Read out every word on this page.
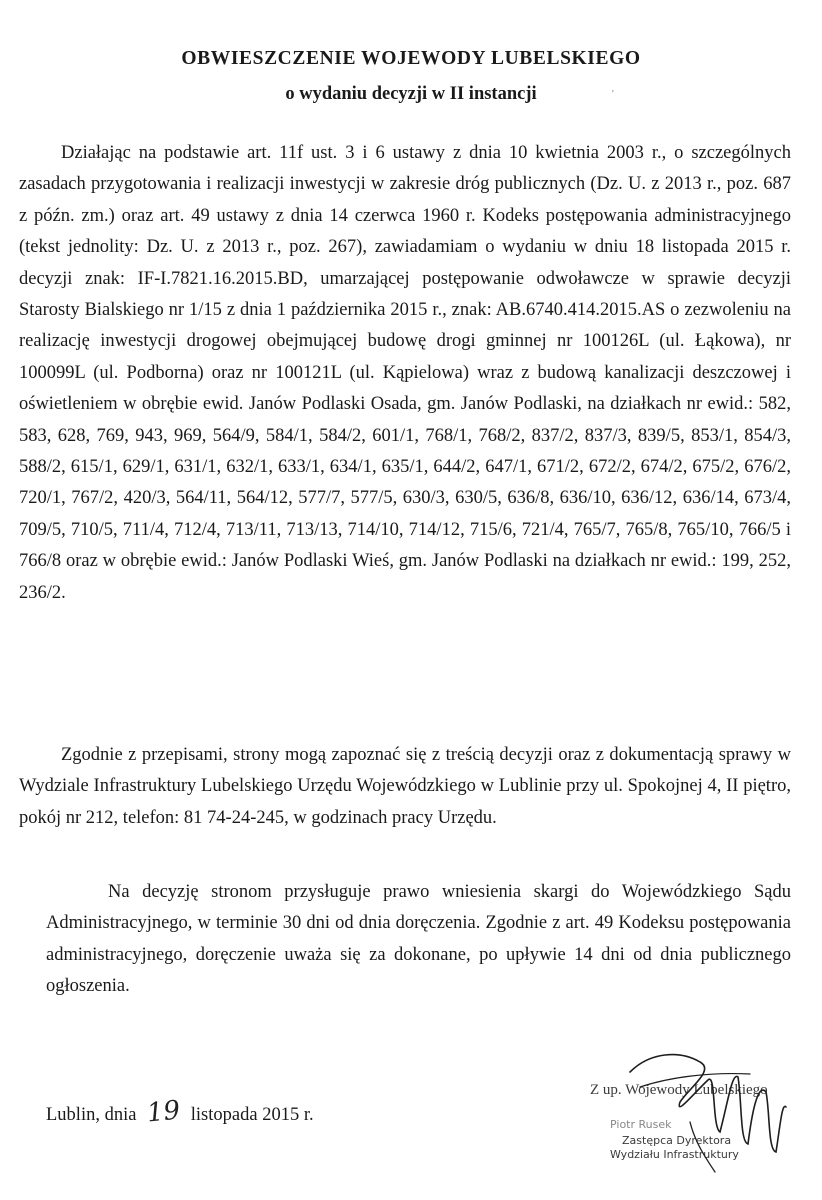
OBWIESZCZENIE WOJEWODY LUBELSKIEGO
o wydaniu decyzji w II instancji	'

Działając na podstawie art. 11f ust. 3 i 6 ustawy z dnia 10 kwietnia 2003 r., o szczególnych zasadach przygotowania i realizacji inwestycji w zakresie dróg publicznych (Dz. U. z 2013 r., poz. 687 z późn. zm.) oraz art. 49 ustawy z dnia 14 czerwca 1960 r. Kodeks postępowania administracyjnego (tekst jednolity: Dz. U. z 2013 r., poz. 267), zawiadamiam o wydaniu w dniu 18 listopada 2015 r. decyzji znak: IF-I.7821.16.2015.BD, umarzającej postępowanie odwoławcze w sprawie decyzji Starosty Bialskiego nr 1/15 z dnia 1 października 2015 r., znak: AB.6740.414.2015.AS o zezwoleniu na realizację inwestycji drogowej obejmującej budowę drogi gminnej nr 100126L (ul. Łąkowa), nr 100099L (ul. Podborna) oraz nr 100121L (ul. Kąpielowa) wraz z budową kanalizacji deszczowej i oświetleniem w obrębie ewid. Janów Podlaski Osada, gm. Janów Podlaski, na działkach nr ewid.: 582, 583, 628, 769, 943, 969, 564/9, 584/1, 584/2, 601/1, 768/1, 768/2, 837/2, 837/3, 839/5, 853/1, 854/3, 588/2, 615/1, 629/1, 631/1, 632/1, 633/1, 634/1, 635/1, 644/2, 647/1, 671/2, 672/2, 674/2, 675/2, 676/2, 720/1, 767/2, 420/3, 564/11, 564/12, 577/7, 577/5, 630/3, 630/5, 636/8, 636/10, 636/12, 636/14, 673/4, 709/5, 710/5, 711/4, 712/4, 713/11, 713/13, 714/10, 714/12, 715/6, 721/4, 765/7, 765/8, 765/10, 766/5 i 766/8 oraz w obrębie ewid.: Janów Podlaski Wieś, gm. Janów Podlaski na działkach nr ewid.: 199, 252, 236/2.

Zgodnie z przepisami, strony mogą zapoznać się z treścią decyzji oraz z dokumentacją sprawy w Wydziale Infrastruktury Lubelskiego Urzędu Wojewódzkiego w Lublinie przy ul. Spokojnej 4, II piętro, pokój nr 212, telefon: 81 74-24-245, w godzinach pracy Urzędu.

Na decyzję stronom przysługuje prawo wniesienia skargi do Wojewódzkiego Sądu Administracyjnego, w terminie 30 dni od dnia doręczenia. Zgodnie z art. 49 Kodeksu postępowania administracyjnego, doręczenie uważa się za dokonane, po upływie 14 dni od dnia publicznego ogłoszenia.

Lublin, dnia 19 listopada 2015 r.
Z up. Wojewody Lubelskiego
Piotr Rusek
Zastępca Dyrektora
Wydziału Infrastruktury
